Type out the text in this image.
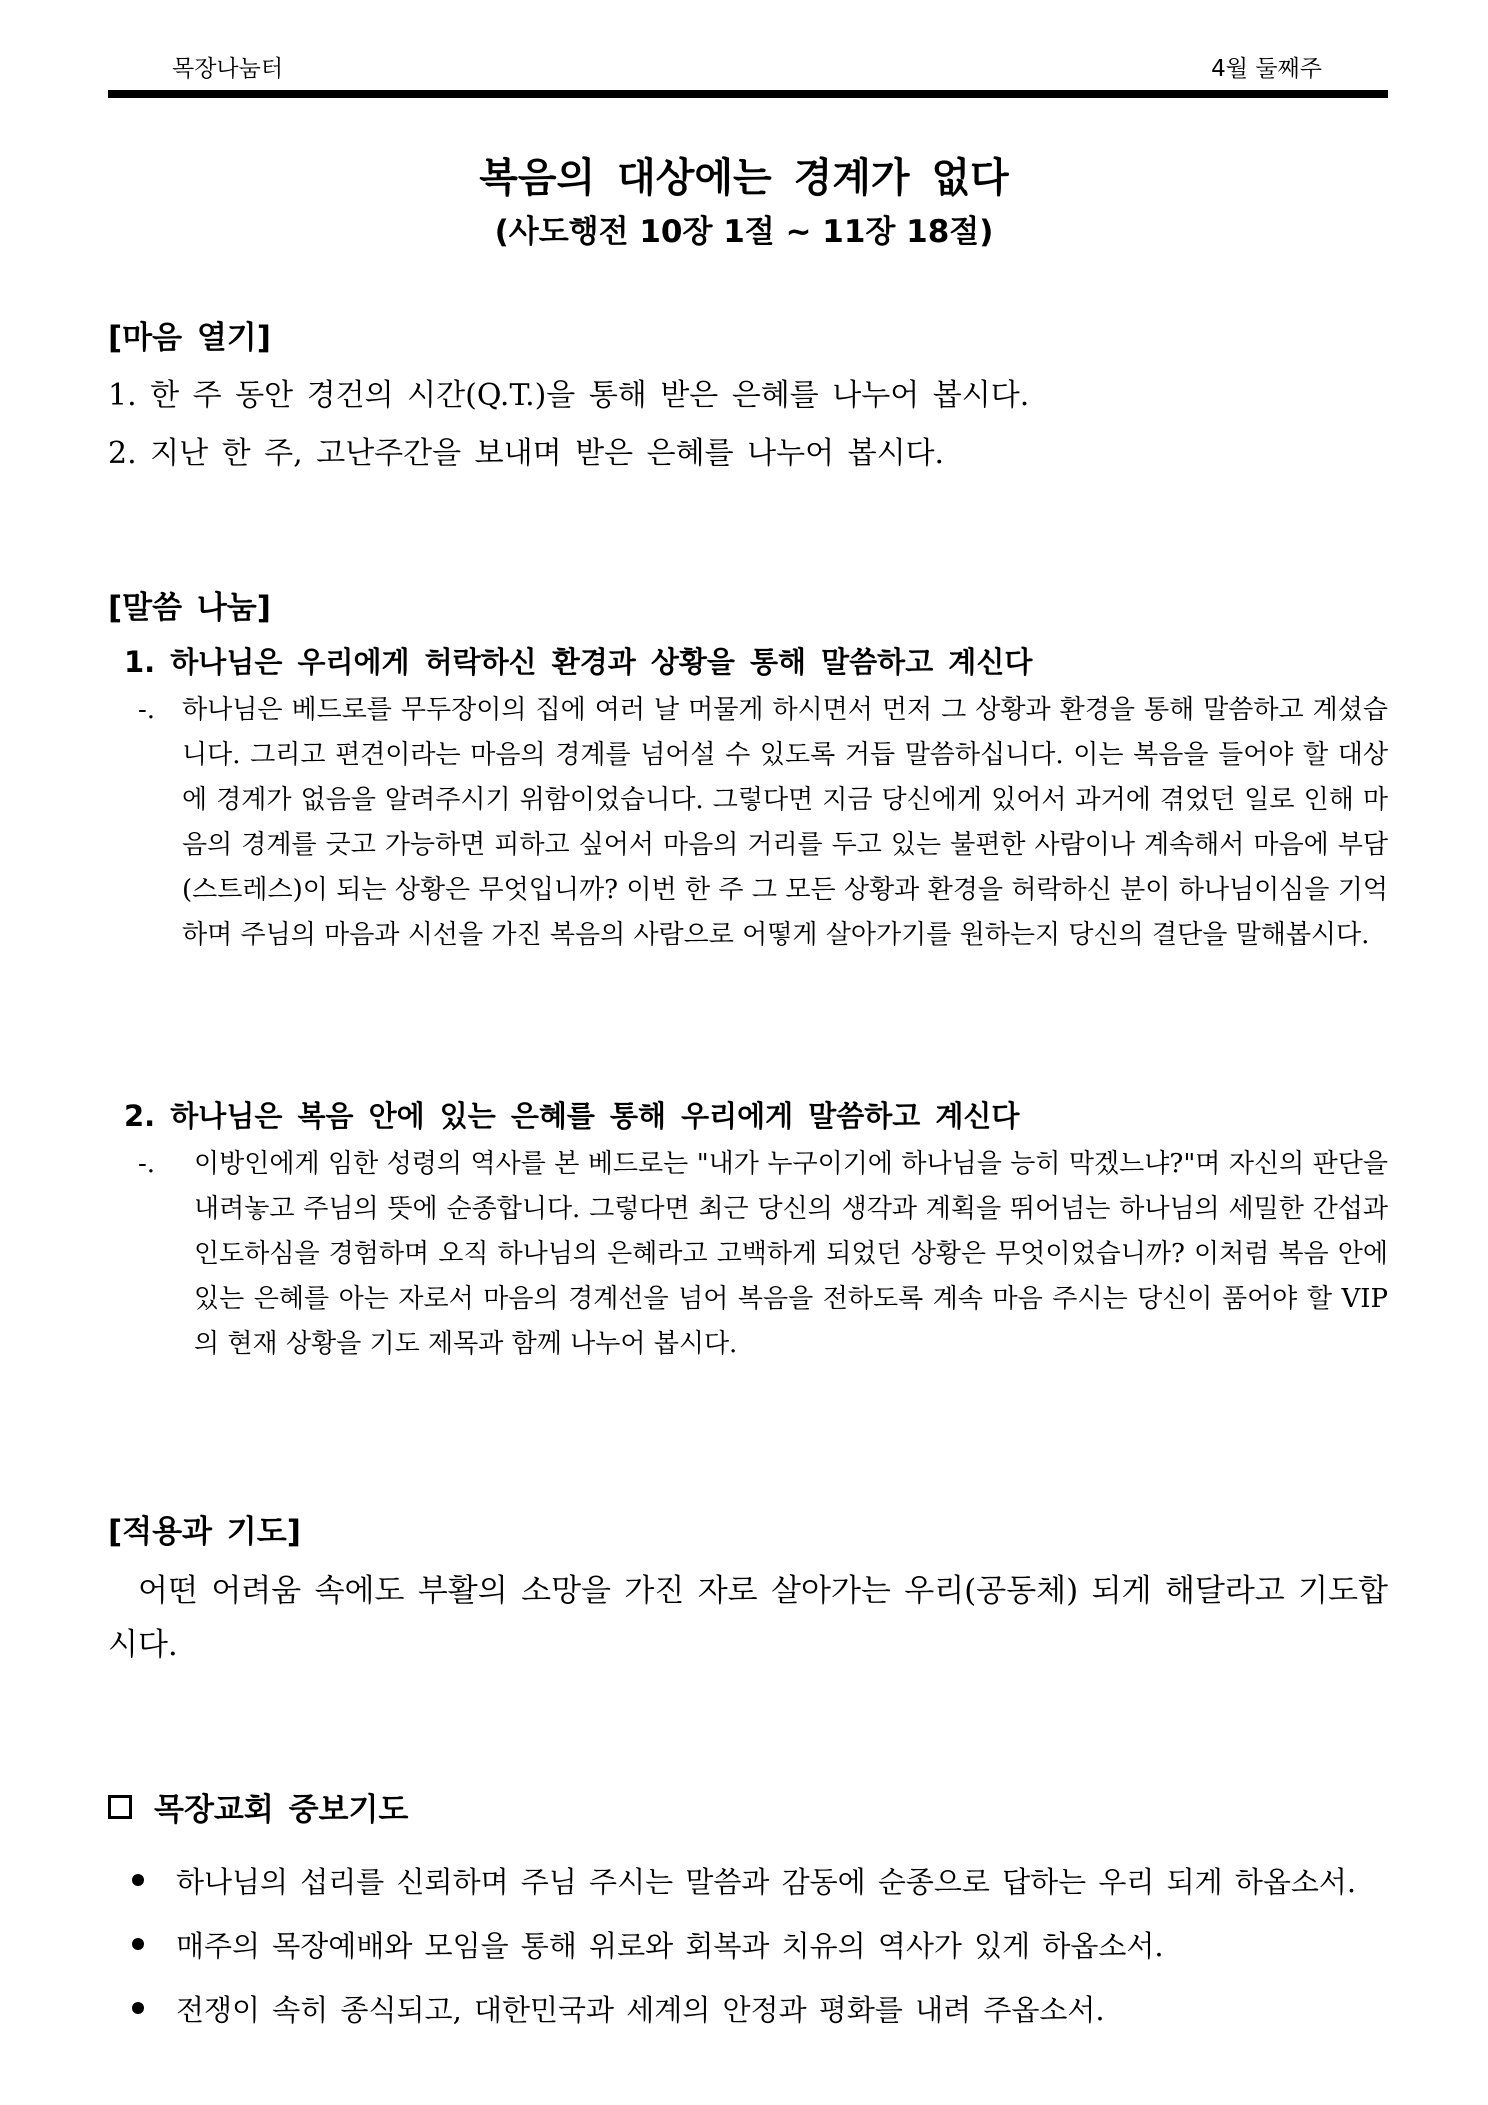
목장나눔터	4월 둘째주
복음의 대상에는 경계가 없다
(사도행전 10장 1절 ~ 11장 18절)
[마음 열기]
1. 한 주 동안 경건의 시간(Q.T.)을 통해 받은 은혜를 나누어 봅시다.
2. 지난 한 주, 고난주간을 보내며 받은 은혜를 나누어 봅시다.
[말씀 나눔]
1. 하나님은 우리에게 허락하신 환경과 상황을 통해 말씀하고 계신다
-.	하나님은 베드로를 무두장이의 집에 여러 날 머물게 하시면서 먼저 그 상황과 환경을 통해 말씀하고 계셨습니다. 그리고 편견이라는 마음의 경계를 넘어설 수 있도록 거듭 말씀하십니다. 이는 복음을 들어야 할 대상에 경계가 없음을 알려주시기 위함이었습니다. 그렇다면 지금 당신에게 있어서 과거에 겪었던 일로 인해 마음의 경계를 긋고 가능하면 피하고 싶어서 마음의 거리를 두고 있는 불편한 사람이나 계속해서 마음에 부담(스트레스)이 되는 상황은 무엇입니까? 이번 한 주 그 모든 상황과 환경을 허락하신 분이 하나님이심을 기억하며 주님의 마음과 시선을 가진 복음의 사람으로 어떻게 살아가기를 원하는지 당신의 결단을 말해봅시다.

2. 하나님은 복음 안에 있는 은혜를 통해 우리에게 말씀하고 계신다
-.	이방인에게 임한 성령의 역사를 본 베드로는 "내가 누구이기에 하나님을 능히 막겠느냐?"며 자신의 판단을 내려놓고 주님의 뜻에 순종합니다. 그렇다면 최근 당신의 생각과 계획을 뛰어넘는 하나님의 세밀한 간섭과 인도하심을 경험하며 오직 하나님의 은혜라고 고백하게 되었던 상황은 무엇이었습니까? 이처럼 복음 안에 있는 은혜를 아는 자로서 마음의 경계선을 넘어 복음을 전하도록 계속 마음 주시는 당신이 품어야 할 VIP의 현재 상황을 기도 제목과 함께 나누어 봅시다.

[적용과 기도]
어떤 어려움 속에도 부활의 소망을 가진 자로 살아가는 우리(공동체) 되게 해달라고 기도합시다.
목장교회 중보기도
하나님의 섭리를 신뢰하며 주님 주시는 말씀과 감동에 순종으로 답하는 우리 되게 하옵소서.
매주의 목장예배와 모임을 통해 위로와 회복과 치유의 역사가 있게 하옵소서.
전쟁이 속히 종식되고, 대한민국과 세계의 안정과 평화를 내려 주옵소서.
